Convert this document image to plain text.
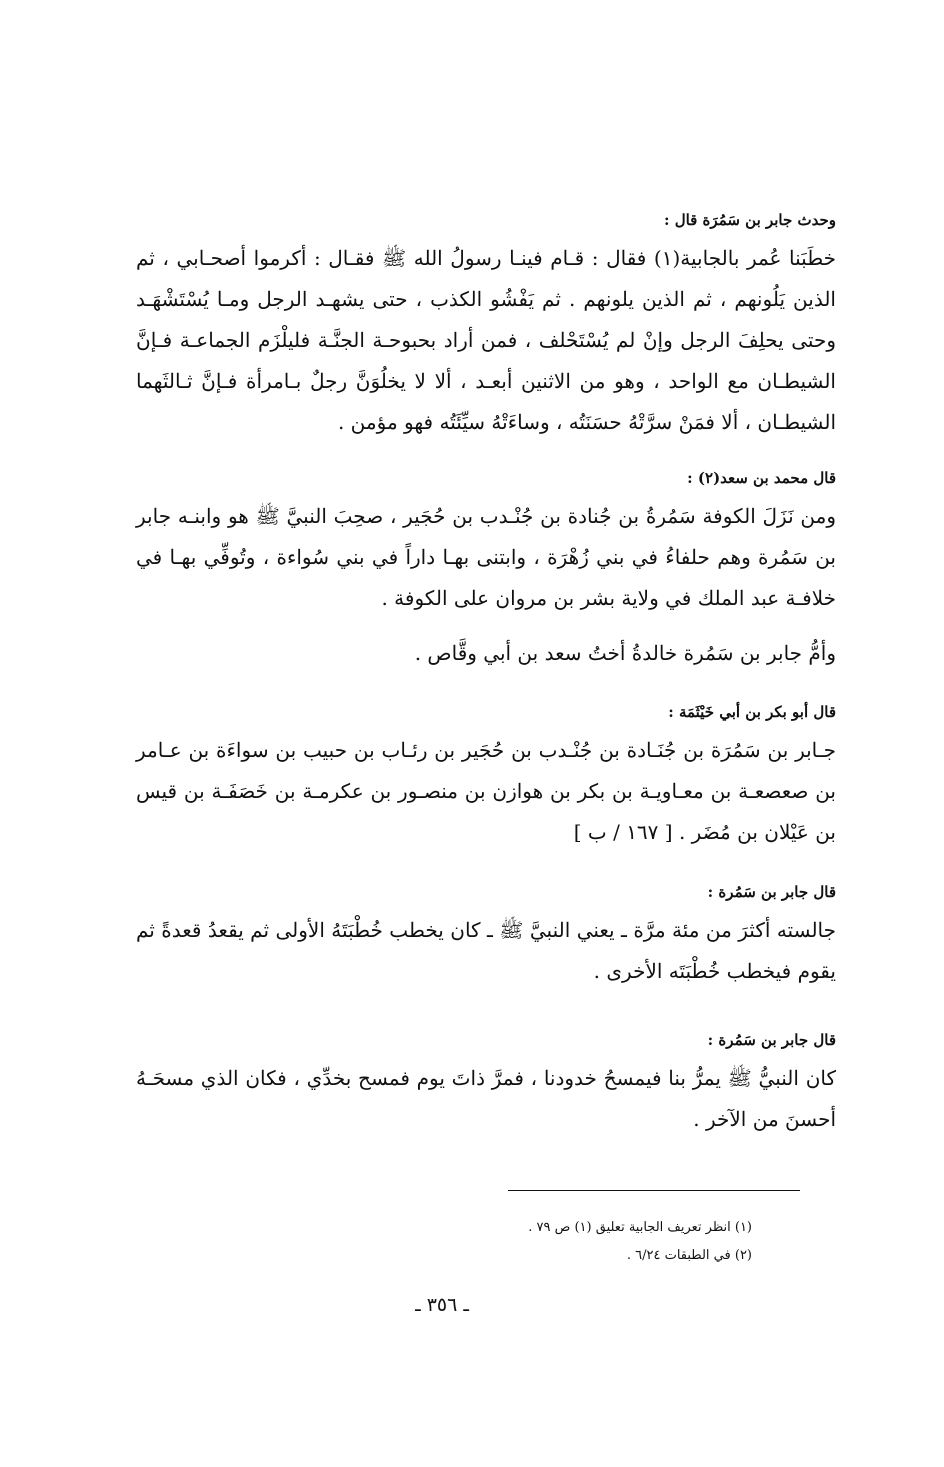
وحدث جابر بن سَمُرَة قال :

خطَبَنا عُمر بالجابية(١) فقال : قـام فينـا رسولُ الله ﷺ فقـال : أكرموا أصحـابي ، ثم الذين يَلُونهم ، ثم الذين يلونهم . ثم يَفْشُو الكذب ، حتى يشهـد الرجل ومـا يُسْتَشْهَـد وحتى يحلِفَ الرجل وإنْ لم يُسْتَحْلف ، فمن أراد بحبوحـة الجنَّـة فليلْزَم الجماعـة فـإنَّ الشيطـان مع الواحد ، وهو من الاثنين أبعـد ، ألا لا يخلُوَنَّ رجلٌ بـامرأة فـإنَّ ثـالثَهما الشيطـان ، ألا فمَنْ سرَّتْهُ حسَنَتُه ، وساءَتْهُ سيِّئَتُه فهو مؤمن .

قال محمد بن سعد(٢) :

ومن نَزَلَ الكوفة سَمُرةُ بن جُنادة بن جُنْـدب بن حُجَير ، صحِبَ النبيَّ ﷺ هو وابنـه جابر بن سَمُرة وهم حلفاءُ في بني زُهْرَة ، وابتنى بهـا داراً في بني سُواءة ، وتُوفِّي بهـا في خلافـة عبد الملك في ولاية بشر بن مروان على الكوفة .

وأمُّ جابر بن سَمُرة خالدةُ أختُ سعد بن أبي وقَّاص .

قال أبو بكر بن أبي خَيْثَمَة :

جـابر بن سَمُرَة بن جُنَـادة بن جُنْـدب بن حُجَير بن رئـاب بن حبيب بن سواءَة بن عـامر بن صعصعـة بن معـاويـة بن بكر بن هوازن بن منصـور بن عكرمـة بن خَصَفَـة بن قيس بن عَيْلان بن مُضَر . [ ١٦٧ / ب ]

قال جابر بن سَمُرة :

جالسته أكثرَ من مئة مرَّة ـ يعني النبيَّ ﷺ ـ كان يخطب خُطْبَتَهُ الأولى ثم يقعدُ قعدةً ثم يقوم فيخطب خُطْبَتَه الأخرى .

قال جابر بن سَمُرة :

كان النبيُّ ﷺ يمرُّ بنا فيمسحُ خدودنا ، فمرَّ ذاتَ يوم فمسح بخدِّي ، فكان الذي مسحَـهُ أحسنَ من الآخر .

(١) انظر تعريف الجابية تعليق (١) ص ٧٩ .

(٢) في الطبقات ٦/٢٤ .

ـ ٣٥٦ ـ
